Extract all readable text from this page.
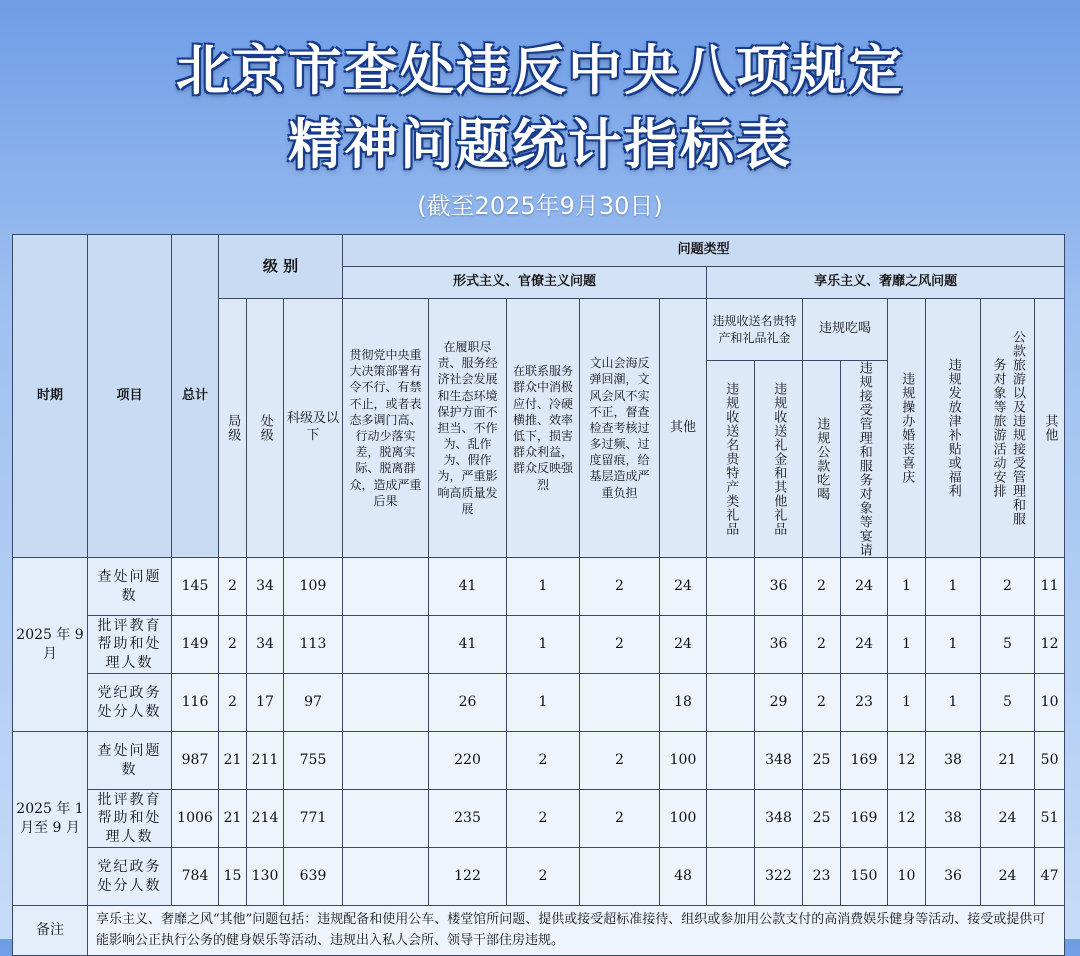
北京市查处违反中央八项规定
精神问题统计指标表
(截至2025年9月30日)
时期	项目	总计	级 别			问题类型												
						形式主义、官僚主义问题					享乐主义、奢靡之风问题							

			局级	处级	科级及以下	贯彻党中央重大决策部署有令不行、有禁不止，或者表态多调门高、行动少落实差，脱离实际、脱离群众，造成严重后果	在履职尽责、服务经济社会发展和生态环境保护方面不担当、不作为、乱作为、假作为，严重影响高质量发展	在联系服务群众中消极应付、冷硬横推、效率低下，损害群众利益，群众反映强烈	文山会海反弹回潮，文风会风不实不正，督查检查考核过多过频、过度留痕，给基层造成严重负担	其他	违规收送名贵特产和礼品礼金		违规吃喝		违规操办婚丧喜庆	违规发放津补贴或福利	公款旅游以及违规接受管理和服务对象等旅游活动安排	其他

											违规收送名贵特产类礼品	违规收送礼金和其他礼品	违规公款吃喝	违规接受管理和服务对象等宴请				

2025 年 9月	查处问题数	145	2	34	109		41	1	2	24		36	2	24	1	1	2	11
	批评教育帮助和处理人数	149	2	34	113		41	1	2	24		36	2	24	1	1	5	12
	党纪政务处分人数	116	2	17	97		26	1		18		29	2	23	1	1	5	10
2025 年 1月至 9 月	查处问题数	987	21	211	755		220	2	2	100		348	25	169	12	38	21	50
	批评教育帮助和处理人数	1006	21	214	771		235	2	2	100		348	25	169	12	38	24	51
	党纪政务处分人数	784	15	130	639		122	2		48		322	23	150	10	36	24	47
备注	享乐主义、奢靡之风“其他”问题包括：违规配备和使用公车、楼堂馆所问题、提供或接受超标准接待、组织或参加用公款支付的高消费娱乐健身等活动、接受或提供可能影响公正执行公务的健身娱乐等活动、违规出入私人会所、领导干部住房违规。																	
